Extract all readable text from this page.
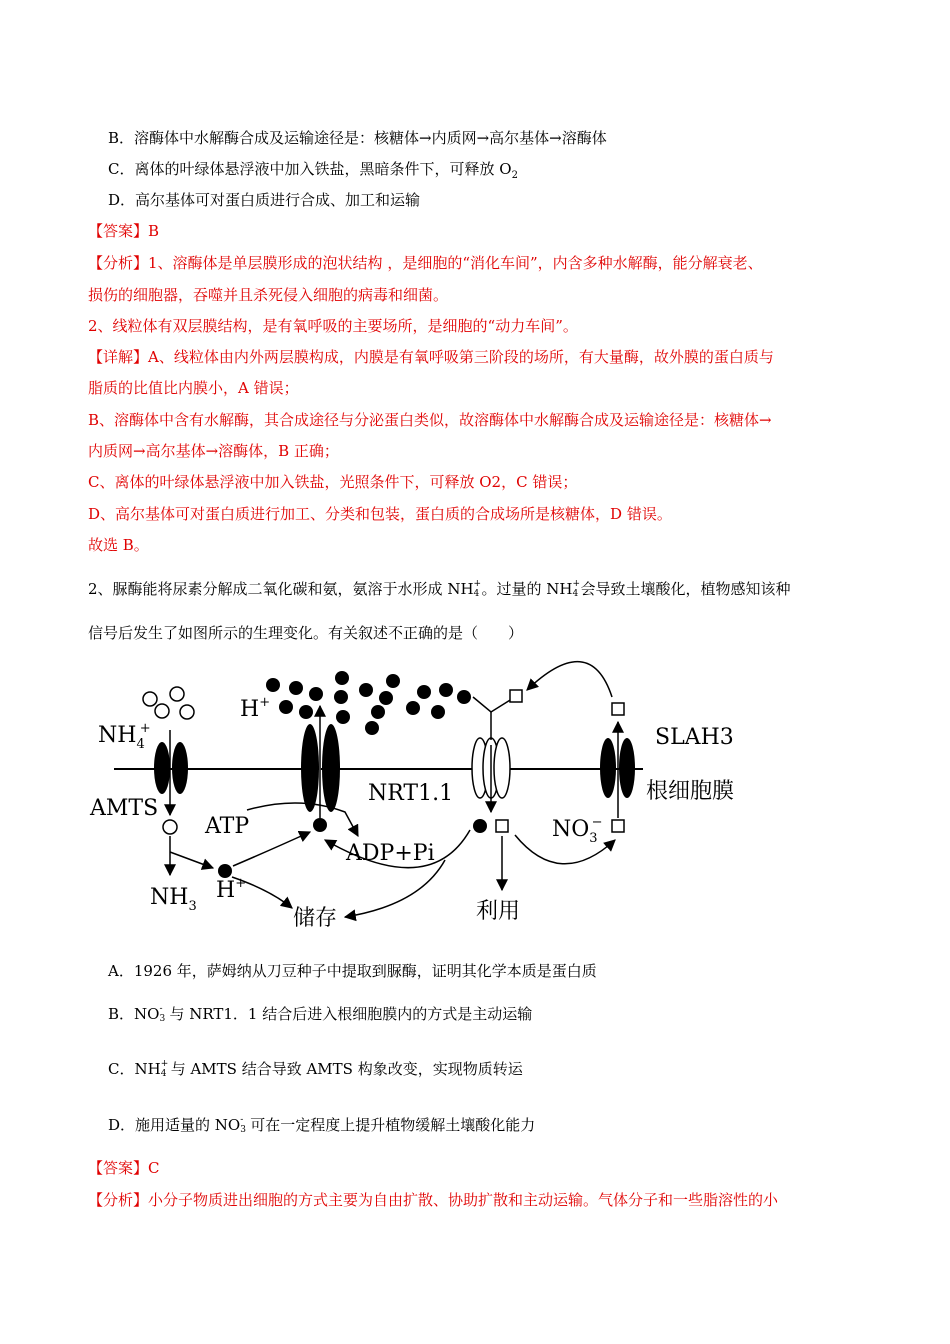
B．溶酶体中水解酶合成及运输途径是：核糖体→内质网→高尔基体→溶酶体
C．离体的叶绿体悬浮液中加入铁盐，黑暗条件下，可释放 $O_2$
D．高尔基体可对蛋白质进行合成、加工和运输
【答案】B
【分析】1、溶酶体是单层膜形成的泡状结构 ，是细胞的“消化车间”，内含多种水解酶，能分解衰老、
损伤的细胞器，吞噬并且杀死侵入细胞的病毒和细菌。
2、线粒体有双层膜结构，是有氧呼吸的主要场所，是细胞的“动力车间”。
【详解】A、线粒体由内外两层膜构成，内膜是有氧呼吸第三阶段的场所，有大量酶，故外膜的蛋白质与
脂质的比值比内膜小，A 错误；
B、溶酶体中含有水解酶，其合成途径与分泌蛋白类似，故溶酶体中水解酶合成及运输途径是：核糖体→
内质网→高尔基体→溶酶体，B 正确；
C、离体的叶绿体悬浮液中加入铁盐，光照条件下，可释放 O2，C 错误；
D、高尔基体可对蛋白质进行加工、分类和包装，蛋白质的合成场所是核糖体，D 错误。
故选 B。
2、脲酶能将尿素分解成二氧化碳和氨，氨溶于水形成 NH +
4 。过量的 NH +
4 会导致土壤酸化，植物感知该种
信号后发生了如图所示的生理变化。有关叙述不正确的是（　　）
$NH_4+$
AMTS
$NH_3$
H+
H+
ATP
ADP+Pi
储存
NRT1.1
利用
SLAH3
根细胞膜
$NO_3-$
A．1926 年，萨姆纳从刀豆种子中提取到脲酶，证明其化学本质是蛋白质
B．NO -
3 与 NRT1．1 结合后进入根细胞膜内的方式是主动运输
C．NH +
4 与 AMTS 结合导致 AMTS 构象改变，实现物质转运
D．施用适量的 NO -
3 可在一定程度上提升植物缓解土壤酸化能力
【答案】C
【分析】小分子物质进出细胞的方式主要为自由扩散、协助扩散和主动运输。气体分子和一些脂溶性的小
